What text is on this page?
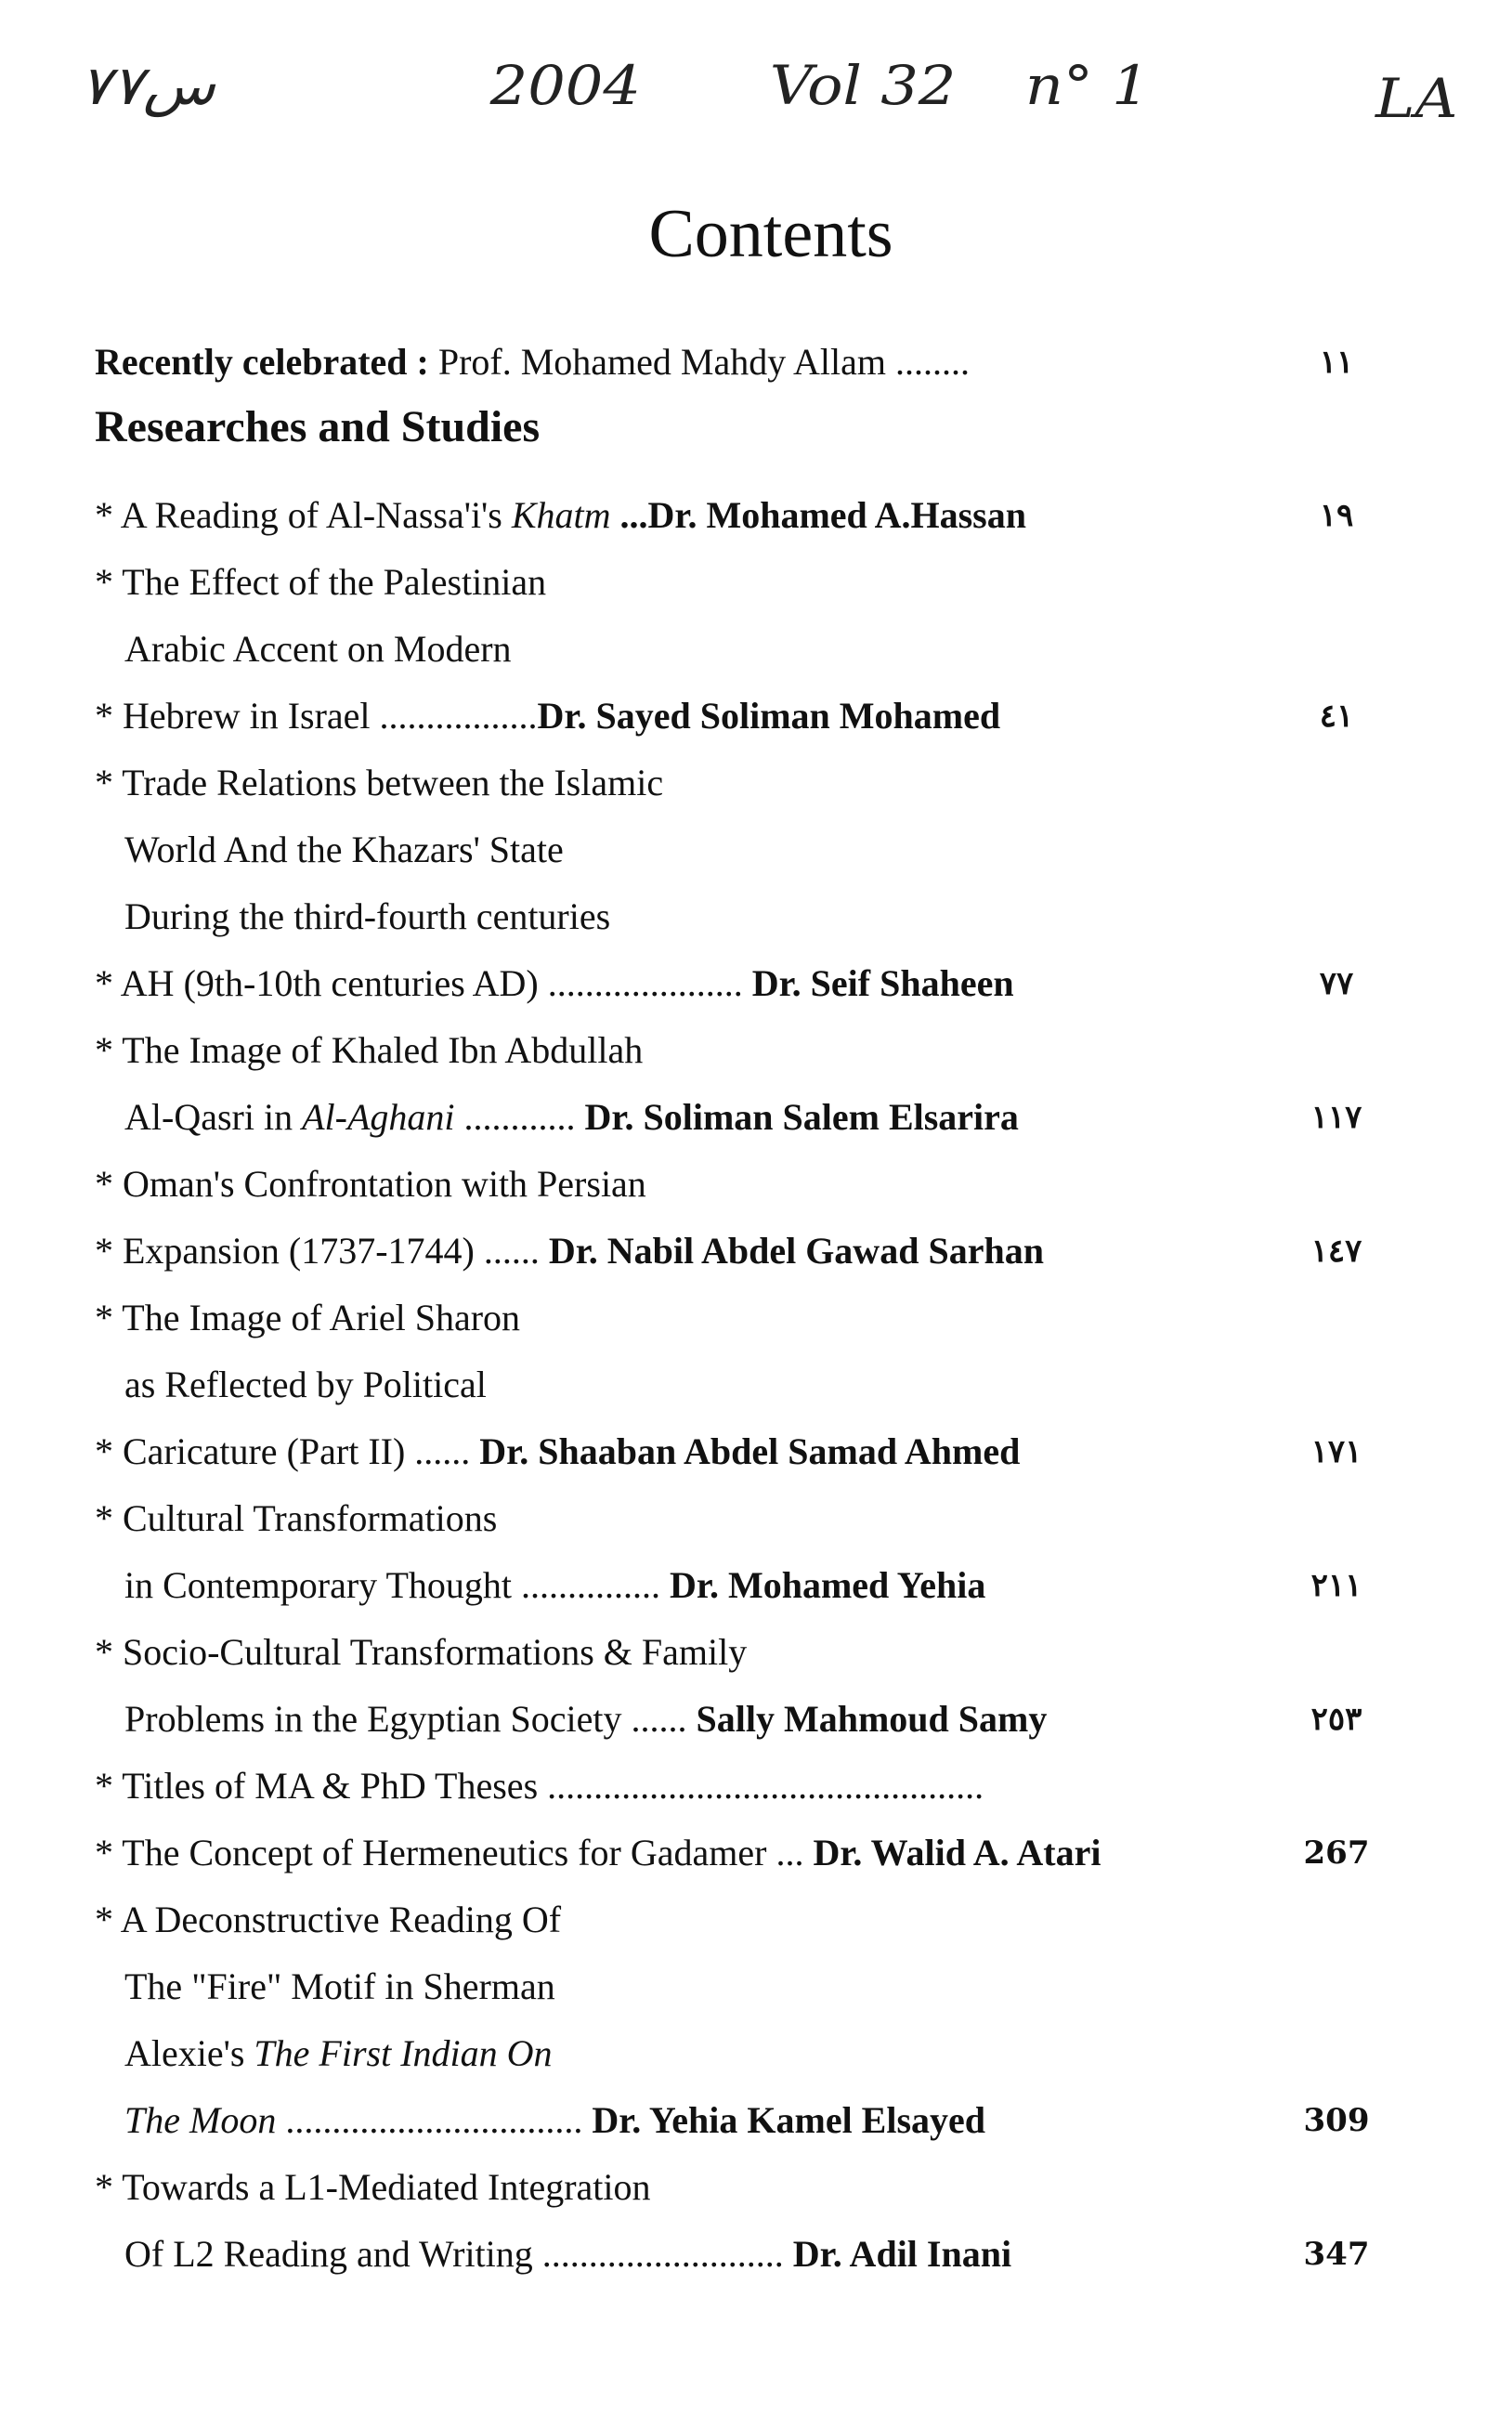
س٧٧	2004 Vol 32 n° 1	LA
Contents
Recently celebrated : Prof. Mohamed Mahdy Allam ........	١١
Researches and Studies
* A Reading of Al-Nassa'i's Khatm ...Dr. Mohamed A.Hassan	١٩
* The Effect of the Palestinian
Arabic Accent on Modern
* Hebrew in Israel .................Dr. Sayed Soliman Mohamed	٤١
* Trade Relations between the Islamic
World And the Khazars' State
During the third-fourth centuries
* AH (9th-10th centuries AD) ..................... Dr. Seif Shaheen	٧٧
* The Image of Khaled Ibn Abdullah
Al-Qasri in Al-Aghani ............ Dr. Soliman Salem Elsarira	١١٧
* Oman's Confrontation with Persian
* Expansion (1737-1744) ...... Dr. Nabil Abdel Gawad Sarhan	١٤٧
* The Image of Ariel Sharon
as Reflected by Political
* Caricature (Part II) ...... Dr. Shaaban Abdel Samad Ahmed	١٧١
* Cultural Transformations
in Contemporary Thought ............... Dr. Mohamed Yehia	٢١١
* Socio-Cultural Transformations & Family
Problems in the Egyptian Society ...... Sally Mahmoud Samy	٢٥٣
* Titles of MA & PhD Theses ...............................................
* The Concept of Hermeneutics for Gadamer ... Dr. Walid A. Atari	267
* A Deconstructive Reading Of
The "Fire" Motif in Sherman
Alexie's The First Indian On
The Moon ................................ Dr. Yehia Kamel Elsayed	309
* Towards a L1-Mediated Integration
Of L2 Reading and Writing .......................... Dr. Adil Inani	347
